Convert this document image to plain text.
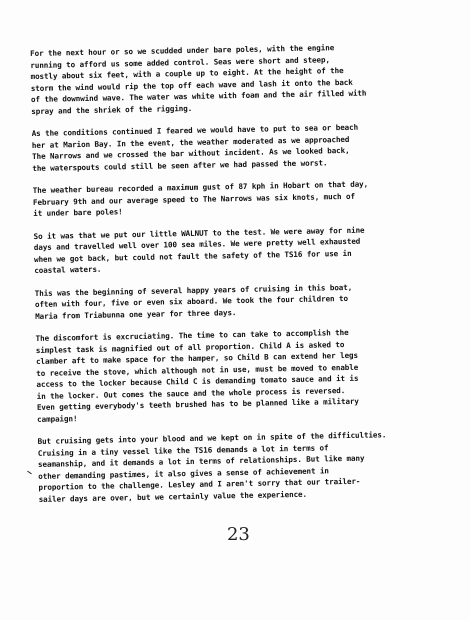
For the next hour or so we scudded under bare poles, with the engine
running to afford us some added control. Seas were short and steep,
mostly about six feet, with a couple up to eight. At the height of the
storm the wind would rip the top off each wave and lash it onto the back
of the downwind wave. The water was white with foam and the air filled with
spray and the shriek of the rigging.
As the conditions continued I feared we would have to put to sea or beach
her at Marion Bay. In the event, the weather moderated as we approached
The Narrows and we crossed the bar without incident. As we looked back,
the waterspouts could still be seen after we had passed the worst.
The weather bureau recorded a maximum gust of 87 kph in Hobart on that day,
February 9th and our average speed to The Narrows was six knots, much of
it under bare poles!
So it was that we put our little WALNUT to the test. We were away for nine
days and travelled well over 100 sea miles. We were pretty well exhausted
when we got back, but could not fault the safety of the TS16 for use in
coastal waters.
This was the beginning of several happy years of cruising in this boat,
often with four, five or even six aboard. We took the four children to
Maria from Triabunna one year for three days.
The discomfort is excruciating. The time to can take to accomplish the
simplest task is magnified out of all proportion. Child A is asked to
clamber aft to make space for the hamper, so Child B can extend her legs
to receive the stove, which although not in use, must be moved to enable
access to the locker because Child C is demanding tomato sauce and it is
in the locker. Out comes the sauce and the whole process is reversed.
Even getting everybody's teeth brushed has to be planned like a military
campaign!
But cruising gets into your blood and we kept on in spite of the difficulties.
Cruising in a tiny vessel like the TS16 demands a lot in terms of
seamanship, and it demands a lot in terms of relationships. But like many
other demanding pastimes, it also gives a sense of achievement in
proportion to the challenge. Lesley and I aren't sorry that our trailer-
sailer days are over, but we certainly value the experience.
23
